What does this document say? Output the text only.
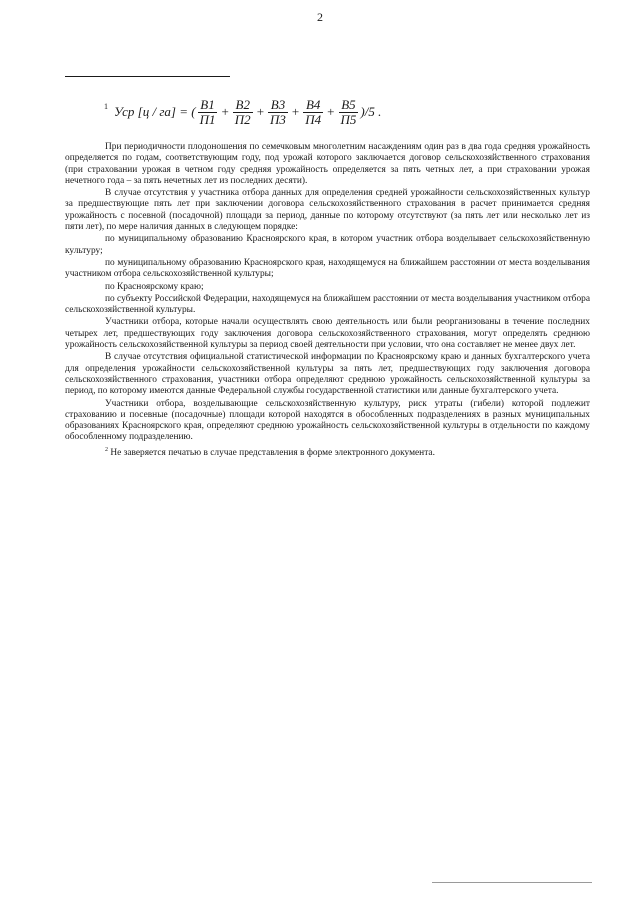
2
$^1$ Уср [ц / га] = ( $\frac{В1}{П1} + \frac{В2}{П2} + \frac{В3}{П3} + \frac{В4}{П4} + \frac{В5}{П5} )/5$ .

При периодичности плодоношения по семечковым многолетним насаждениям один раз в два года средняя урожайность определяется по годам, соответствующим году, под урожай которого заключается договор сельскохозяйственного страхования (при страховании урожая в четном году средняя урожайность определяется за пять четных лет, а при страховании урожая нечетного года – за пять нечетных лет из последних десяти).

В случае отсутствия у участника отбора данных для определения средней урожайности сельскохозяйственных культур за предшествующие пять лет при заключении договора сельскохозяйственного страхования в расчет принимается средняя урожайность с посевной (посадочной) площади за период, данные по которому отсутствуют (за пять лет или несколько лет из пяти лет), по мере наличия данных в следующем порядке:

по муниципальному образованию Красноярского края, в котором участник отбора возделывает сельскохозяйственную культуру;

по муниципальному образованию Красноярского края, находящемуся на ближайшем расстоянии от места возделывания участником отбора сельскохозяйственной культуры;

по Красноярскому краю;

по субъекту Российской Федерации, находящемуся на ближайшем расстоянии от места возделывания участником отбора сельскохозяйственной культуры.

Участники отбора, которые начали осуществлять свою деятельность или были реорганизованы в течение последних четырех лет, предшествующих году заключения договора сельскохозяйственного страхования, могут определять среднюю урожайность сельскохозяйственной культуры за период своей деятельности при условии, что она составляет не менее двух лет.

В случае отсутствия официальной статистической информации по Красноярскому краю и данных бухгалтерского учета для определения урожайности сельскохозяйственной культуры за пять лет, предшествующих году заключения договора сельскохозяйственного страхования, участники отбора определяют среднюю урожайность сельскохозяйственной культуры за период, по которому имеются данные Федеральной службы государственной статистики или данные бухгалтерского учета.

Участники отбора, возделывающие сельскохозяйственную культуру, риск утраты (гибели) которой подлежит страхованию и посевные (посадочные) площади которой находятся в обособленных подразделениях в разных муниципальных образованиях Красноярского края, определяют среднюю урожайность сельскохозяйственной культуры в отдельности по каждому обособленному подразделению.

$^2$ Не заверяется печатью в случае представления в форме электронного документа.
